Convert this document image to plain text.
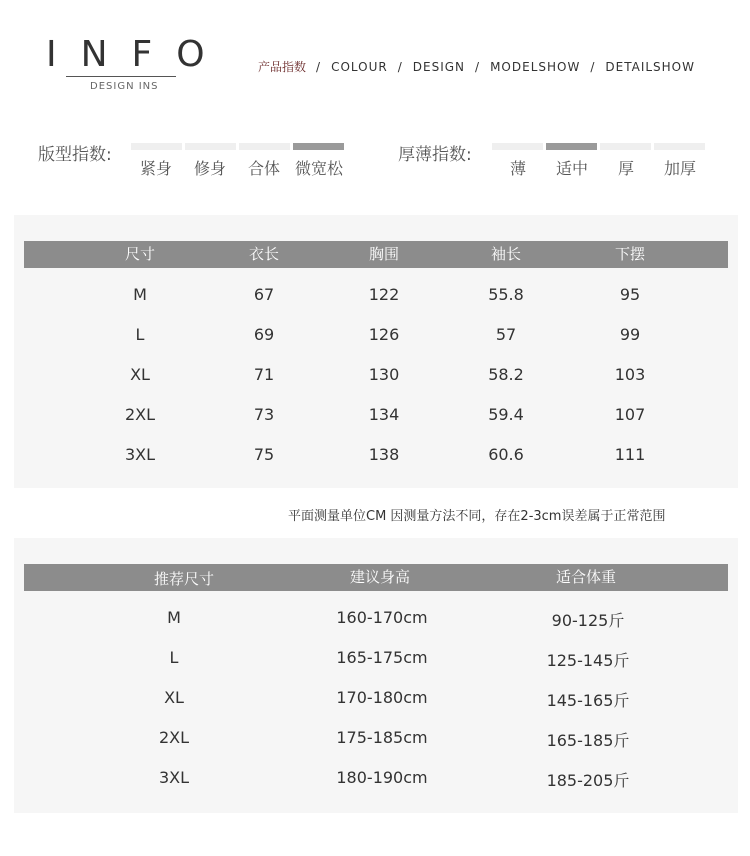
INFO
DESIGN INS
产品指数 / COLOUR / DESIGN / MODELSHOW / DETAILSHOW
版型指数:
紧身	修身	合体 微宽松
厚薄指数:
薄	适中	厚	加厚
尺寸	衣长	胸围	袖长	下摆
M	67	122	55.8	95
L	69	126	57	99
XL	71	130	58.2	103
2XL	73	134	59.4	107
3XL	75	138	60.6	111
平面测量单位CM 因测量方法不同，存在2-3cm误差属于正常范围
推荐尺寸	建议身高	适合体重
M	160-170cm	90-125斤
L	165-175cm	125-145斤
XL	170-180cm	145-165斤
2XL	175-185cm	165-185斤
3XL	180-190cm	185-205斤
